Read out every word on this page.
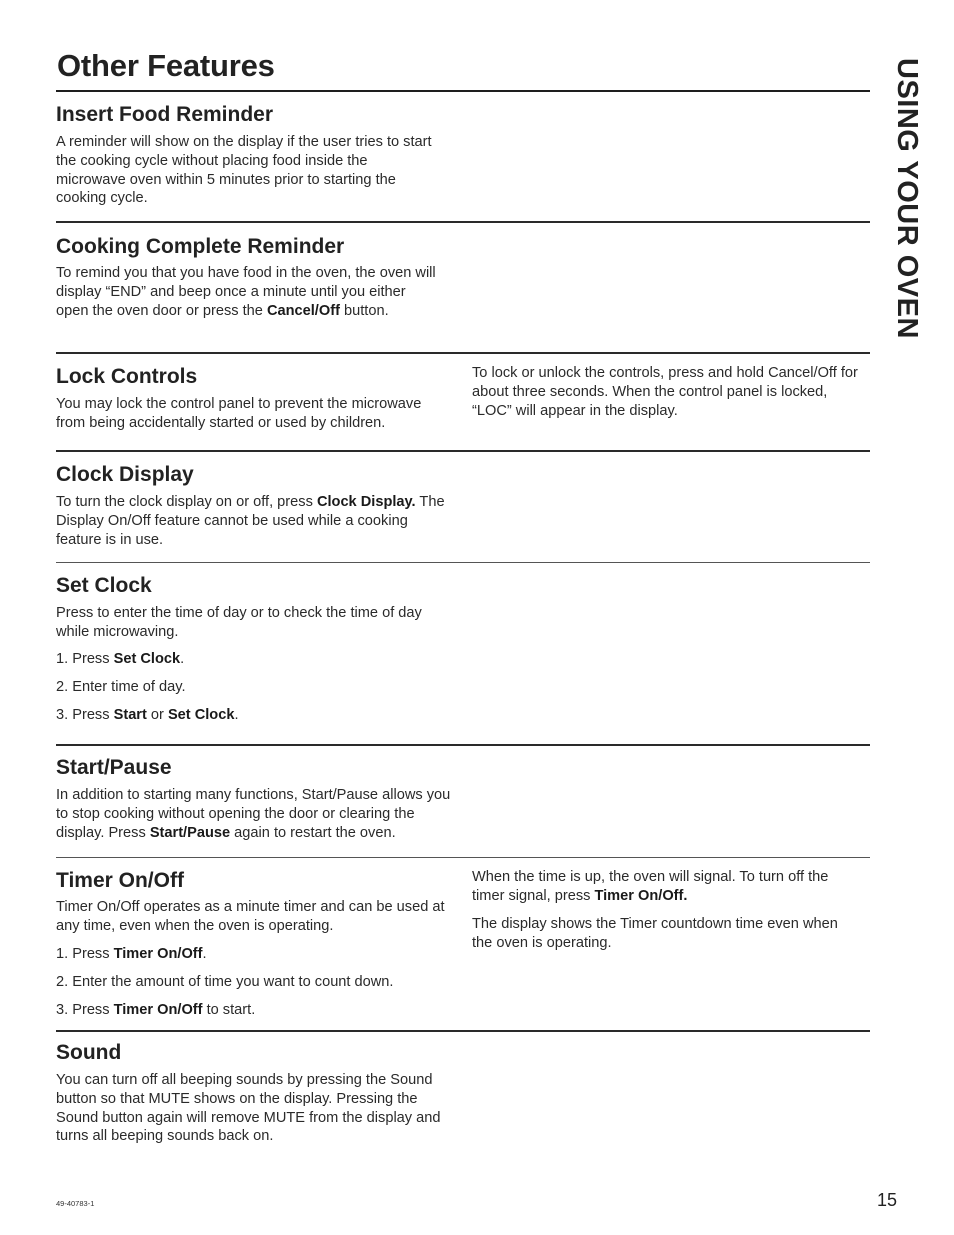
Other Features	USING YOUR OVEN
Insert Food Reminder

A reminder will show on the display if the user tries to start the cooking cycle without placing food inside the microwave oven within 5 minutes prior to starting the cooking cycle.

Cooking Complete Reminder

To remind you that you have food in the oven, the oven will display “END” and beep once a minute until you either open the oven door or press the Cancel/Off button.

Lock Controls

You may lock the control panel to prevent the microwave from being accidentally started or used by children.

To lock or unlock the controls, press and hold Cancel/Off for about three seconds. When the control panel is locked, “LOC” will appear in the display.

Clock Display

To turn the clock display on or off, press Clock Display. The Display On/Off feature cannot be used while a cooking feature is in use.

Set Clock

Press to enter the time of day or to check the time of day while microwaving.

1. Press Set Clock.

2. Enter time of day.

3. Press Start or Set Clock.

Start/Pause

In addition to starting many functions, Start/Pause allows you to stop cooking without opening the door or clearing the display. Press Start/Pause again to restart the oven.

Timer On/Off

Timer On/Off operates as a minute timer and can be used at any time, even when the oven is operating.

1. Press Timer On/Off.

2. Enter the amount of time you want to count down.

3. Press Timer On/Off to start.

When the time is up, the oven will signal. To turn off the timer signal, press Timer On/Off.

The display shows the Timer countdown time even when the oven is operating.

Sound

You can turn off all beeping sounds by pressing the Sound button so that MUTE shows on the display. Pressing the Sound button again will remove MUTE from the display and turns all beeping sounds back on.

49-40783-1	15
